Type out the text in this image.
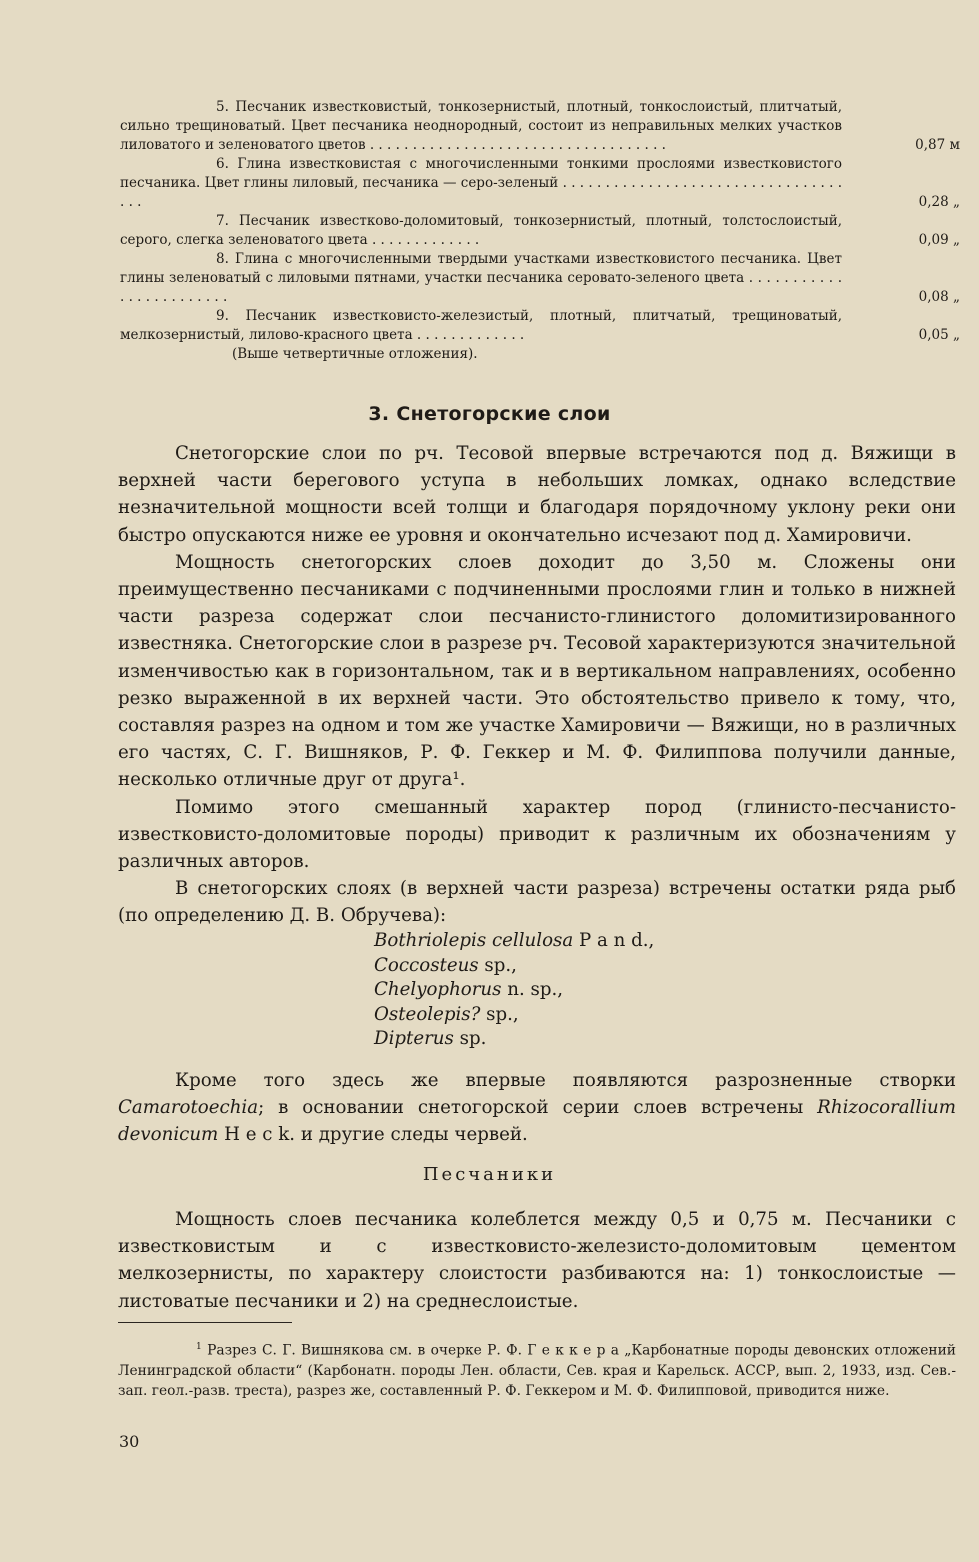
5. Песчаник известковистый, тонкозернистый, плотный, тонкослоистый, плитчатый, сильно трещиноватый. Цвет песчаника неоднородный, состоит из неправильных мелких участков лиловатого и зеленоватого цветов . . . . . . . . . . . . . . . . . . . . . . . . . . . . . . . . . . .	0,87 м
6. Глина известковистая с многочисленными тонкими прослоями известковистого песчаника. Цвет глины лиловый, песчаника — серо-зеленый . . . . . . . . . . . . . . . . . . . . . . . . . . . . . . . . . . . .	0,28 „
7. Песчаник известково-доломитовый, тонкозернистый, плотный, толстослоистый, серого, слегка зеленоватого цвета . . . . . . . . . . . . .	0,09 „
8. Глина с многочисленными твердыми участками известковистого песчаника. Цвет глины зеленоватый с лиловыми пятнами, участки песчаника серовато-зеленого цвета . . . . . . . . . . . . . . . . . . . . . . . .	0,08 „
9. Песчаник известковисто-железистый, плотный, плитчатый, трещиноватый, мелкозернистый, лилово-красного цвета . . . . . . . . . . . . .	0,05 „
(Выше четвертичные отложения).
3. Снетогорские слои

Снетогорские слои по рч. Тесовой впервые встречаются под д. Вяжищи в верхней части берегового уступа в небольших ломках, однако вследствие незначительной мощности всей толщи и благодаря порядочному уклону реки они быстро опускаются ниже ее уровня и окончательно исчезают под д. Хамировичи.

Мощность снетогорских слоев доходит до 3,50 м. Сложены они преимущественно песчаниками с подчиненными прослоями глин и только в нижней части разреза содержат слои песчанисто-глинистого доломитизированного известняка. Снетогорские слои в разрезе рч. Тесовой характеризуются значительной изменчивостью как в горизонтальном, так и в вертикальном направлениях, особенно резко выраженной в их верхней части. Это обстоятельство привело к тому, что, составляя разрез на одном и том же участке Хамировичи — Вяжищи, но в различных его частях, С. Г. Вишняков, Р. Ф. Геккер и М. Ф. Филиппова получили данные, несколько отличные друг от друга¹.

Помимо этого смешанный характер пород (глинисто-песчанисто-известковисто-доломитовые породы) приводит к различным их обозначениям у различных авторов.

В снетогорских слоях (в верхней части разреза) встречены остатки ряда рыб (по определению Д. В. Обручева):

Bothriolepis cellulosa P a n d.,
Coccosteus sp.,
Chelyophorus n. sp.,
Osteolepis? sp.,
Dipterus sp.

Кроме того здесь же впервые появляются разрозненные створки Camarotoechia; в основании снетогорской серии слоев встречены Rhizocorallium devonicum H e c k. и другие следы червей.

Песчаники

Мощность слоев песчаника колеблется между 0,5 и 0,75 м. Песчаники с известковистым и с известковисто-железисто-доломитовым цементом мелкозернисты, по характеру слоистости разбиваются на: 1) тонкослоистые — листоватые песчаники и 2) на среднеслоистые.

$^1$ Разрез С. Г. Вишнякова см. в очерке Р. Ф. Г е к к е р а „Карбонатные породы девонских отложений Ленинградской области“ (Карбонатн. породы Лен. области, Сев. края и Карельск. АССР, вып. 2, 1933, изд. Сев.-зап. геол.-разв. треста), разрез же, составленный Р. Ф. Геккером и М. Ф. Филипповой, приводится ниже.

30
